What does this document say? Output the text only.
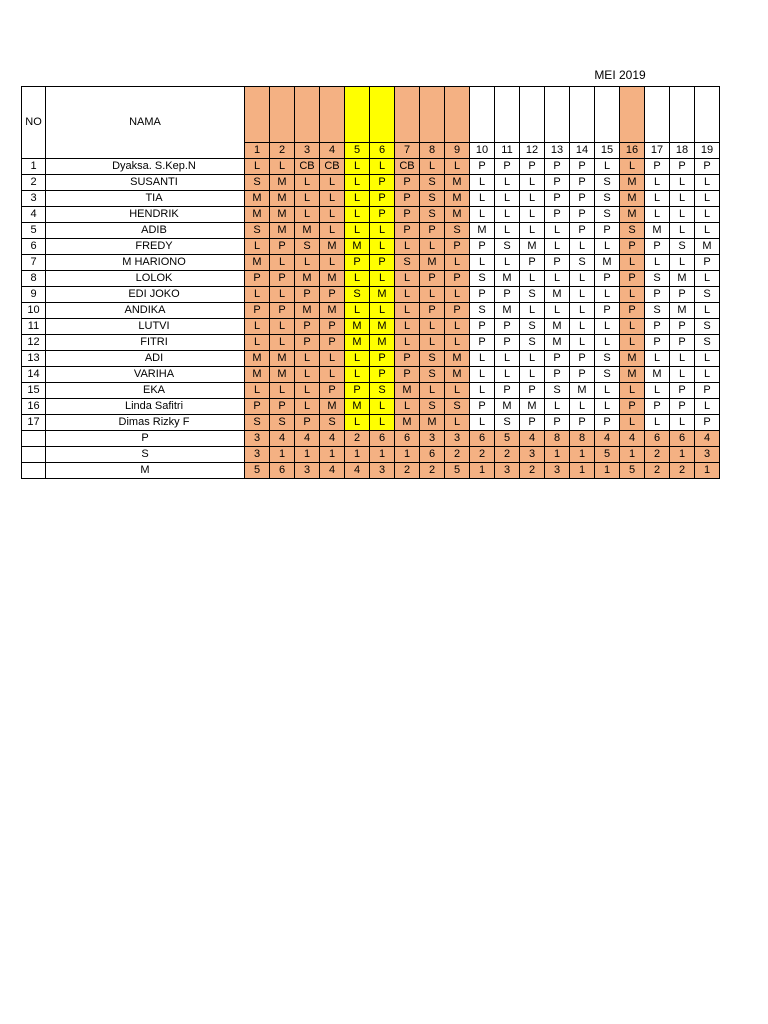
MEI 2019
NO	NAMA																			
		1	2	3	4	5	6	7	8	9	10	11	12	13	14	15	16	17	18	19
1	Dyaksa. S.Kep.N	L	L	CB	CB	L	L	CB	L	L	P	P	P	P	P	L	L	P	P	P
2	SUSANTI	S	M	L	L	L	P	P	S	M	L	L	L	P	P	S	M	L	L	L
3	TIA	M	M	L	L	L	P	P	S	M	L	L	L	P	P	S	M	L	L	L
4	HENDRIK	M	M	L	L	L	P	P	S	M	L	L	L	P	P	S	M	L	L	L
5	ADIB	S	M	M	L	L	L	P	P	S	M	L	L	L	P	P	S	M	L	L
6	FREDY	L	P	S	M	M	L	L	L	P	P	S	M	L	L	L	P	P	S	M
7	M HARIONO	M	L	L	L	P	P	S	M	L	L	L	P	P	S	M	L	L	L	P
8	LOLOK	P	P	M	M	L	L	L	P	P	S	M	L	L	L	P	P	S	M	L
9	EDI JOKO	L	L	P	P	S	M	L	L	L	P	P	S	M	L	L	L	P	P	S
10	ANDIKA	P	P	M	M	L	L	L	P	P	S	M	L	L	L	P	P	S	M	L
11	LUTVI	L	L	P	P	M	M	L	L	L	P	P	S	M	L	L	L	P	P	S
12	FITRI	L	L	P	P	M	M	L	L	L	P	P	S	M	L	L	L	P	P	S
13	ADI	M	M	L	L	L	P	P	S	M	L	L	L	P	P	S	M	L	L	L
14	VARIHA	M	M	L	L	L	P	P	S	M	L	L	L	P	P	S	M	M	L	L
15	EKA	L	L	L	P	P	S	M	L	L	L	P	P	S	M	L	L	L	P	P
16	Linda Safitri	P	P	L	M	M	L	L	S	S	P	M	M	L	L	L	P	P	P	L
17	Dimas Rizky F	S	S	P	S	L	L	M	M	L	L	S	P	P	P	P	L	L	L	P
	P	3	4	4	4	2	6	6	3	3	6	5	4	8	8	4	4	6	6	4
	S	3	1	1	1	1	1	1	6	2	2	2	3	1	1	5	1	2	1	3
	M	5	6	3	4	4	3	2	2	5	1	3	2	3	1	1	5	2	2	1
